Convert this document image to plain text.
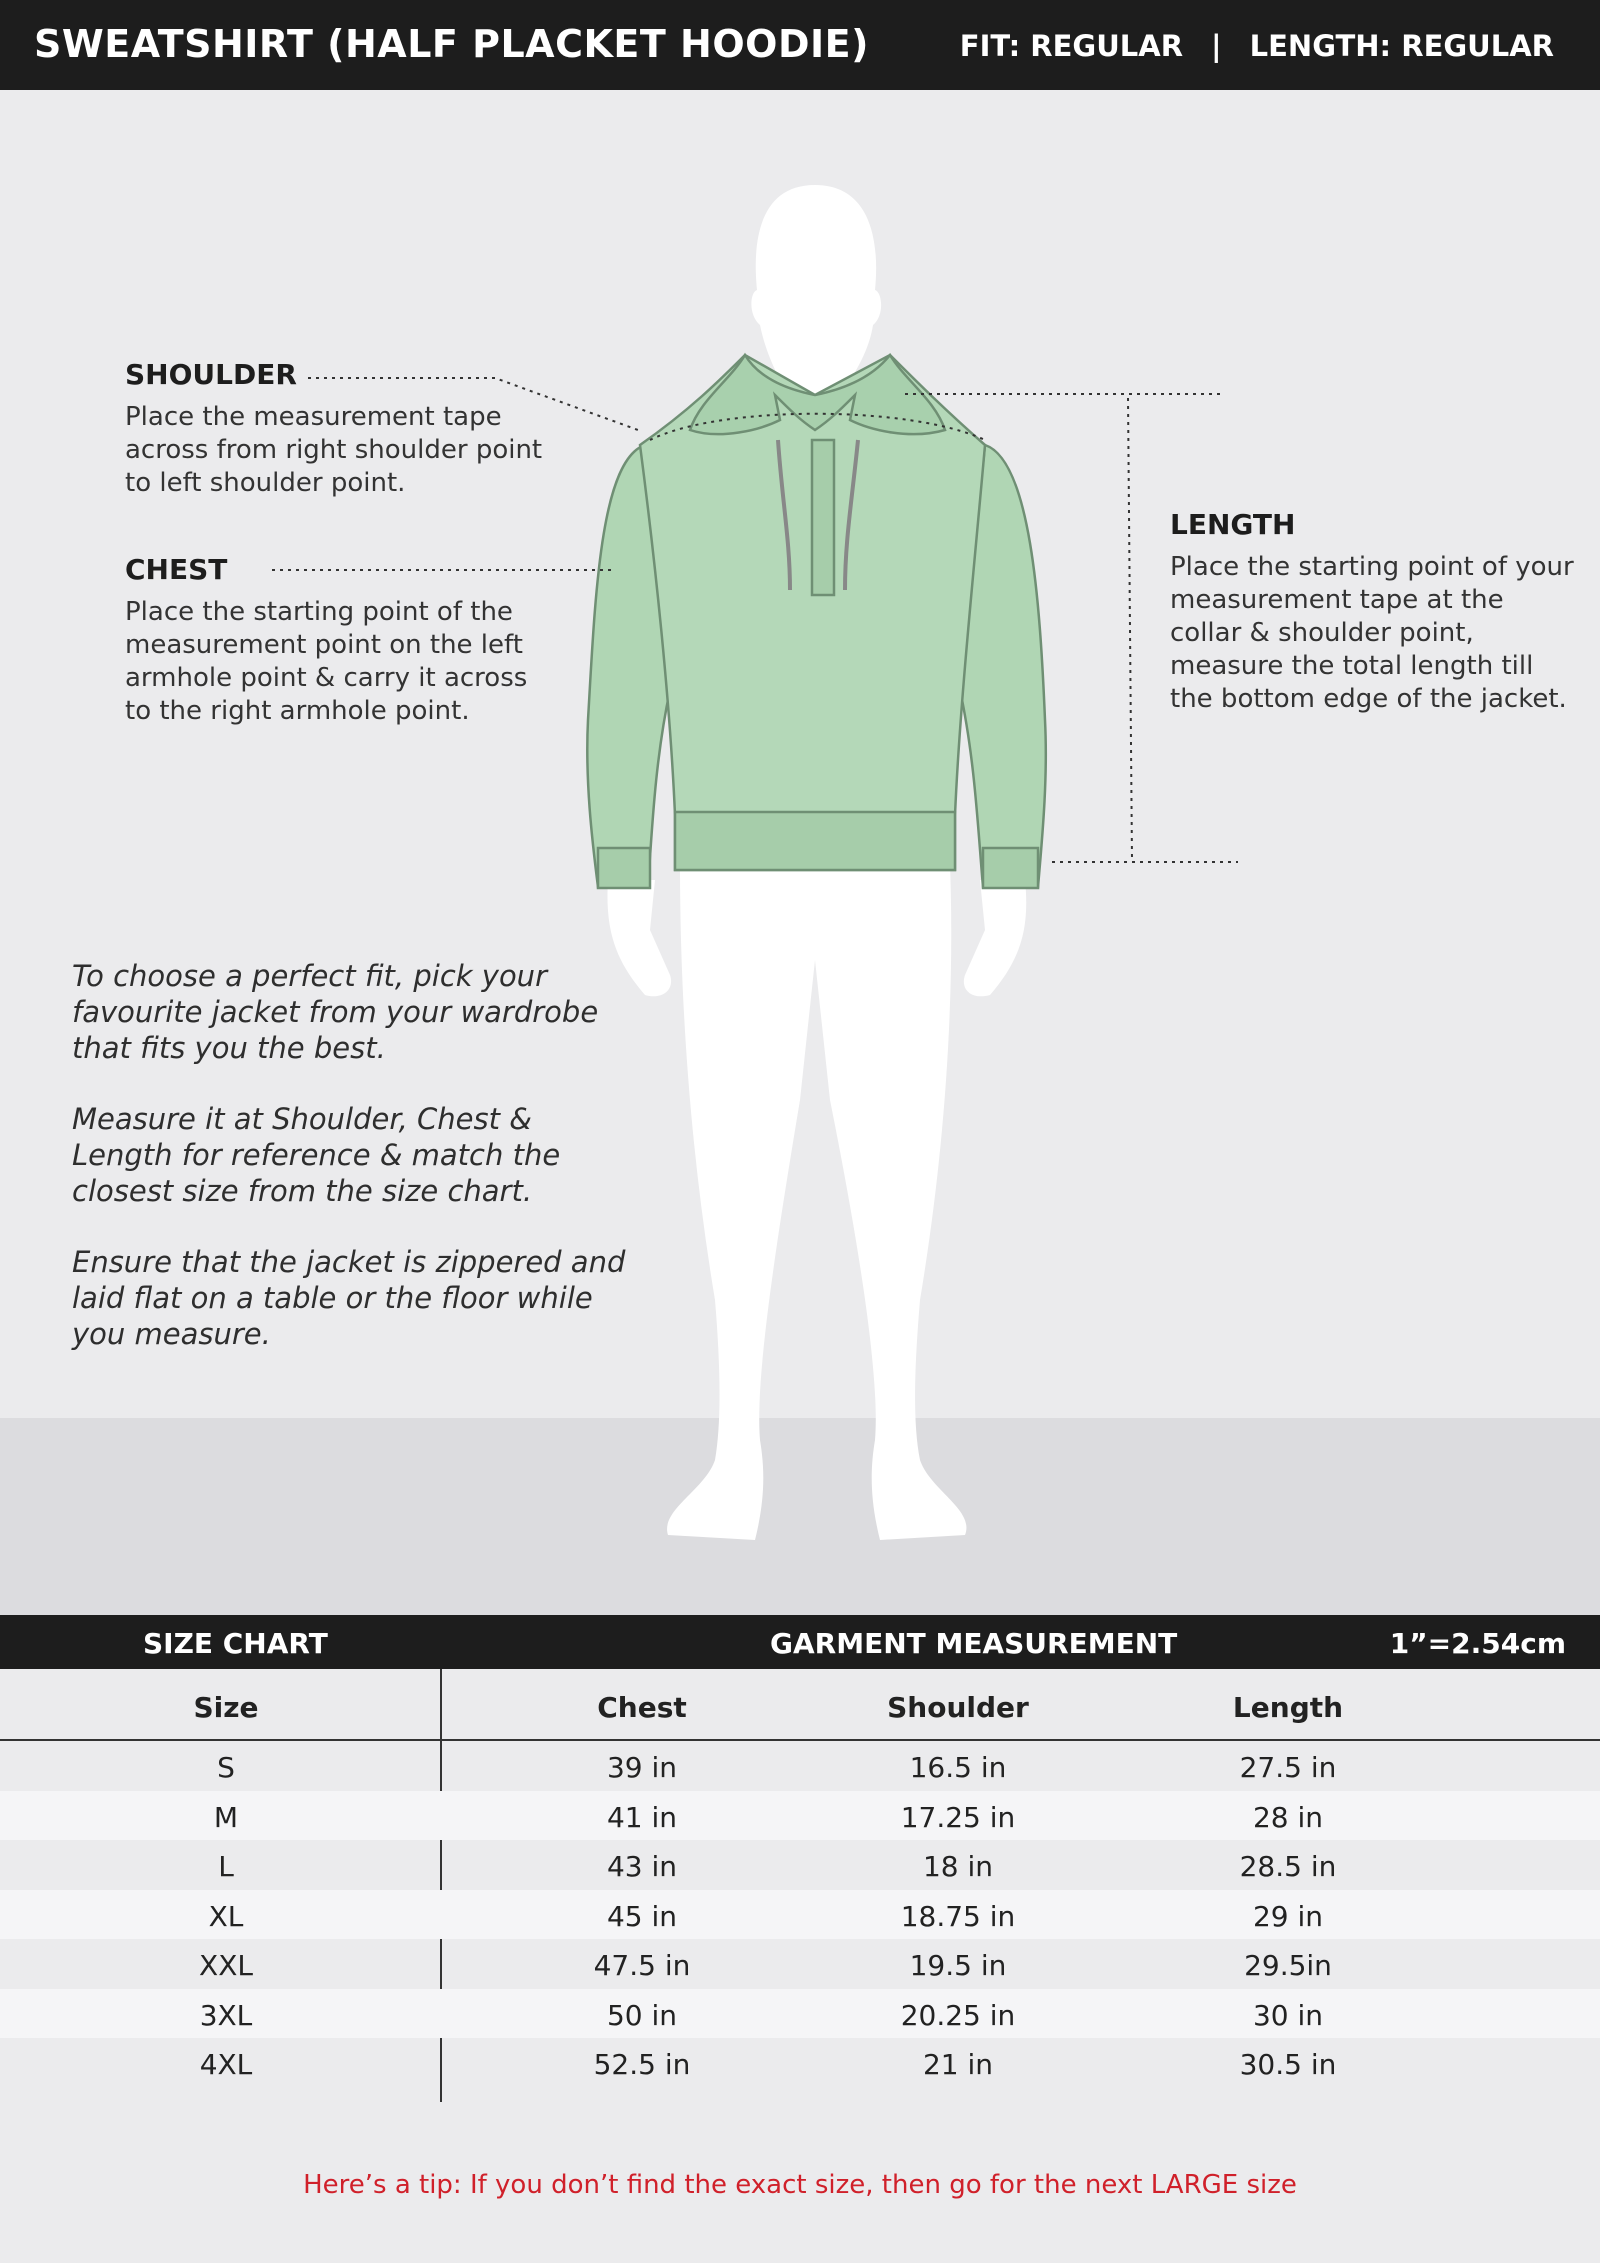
SWEATSHIRT (HALF PLACKET HOODIE)	FIT: REGULAR | LENGTH: REGULAR
SHOULDER
Place the measurement tape across from right shoulder point to left shoulder point.
CHEST
Place the starting point of the measurement point on the left armhole point & carry it across to the right armhole point.
LENGTH
Place the starting point of your measurement tape at the collar & shoulder point, measure the total length till the bottom edge of the jacket.

To choose a perfect fit, pick your favourite jacket from your wardrobe that fits you the best.

Measure it at Shoulder, Chest & Length for reference & match the closest size from the size chart.

Ensure that the jacket is zippered and laid flat on a table or the floor while you measure.

SIZE CHART	GARMENT MEASUREMENT	1”=2.54cm
Size	Chest	Shoulder	Length
S	39 in	16.5 in	27.5 in
M	41 in	17.25 in	28 in
L	43 in	18 in	28.5 in
XL	45 in	18.75 in	29 in
XXL	47.5 in	19.5 in	29.5in
3XL	50 in	20.25 in	30 in
4XL	52.5 in	21 in	30.5 in
Here’s a tip: If you don’t find the exact size, then go for the next LARGE size
